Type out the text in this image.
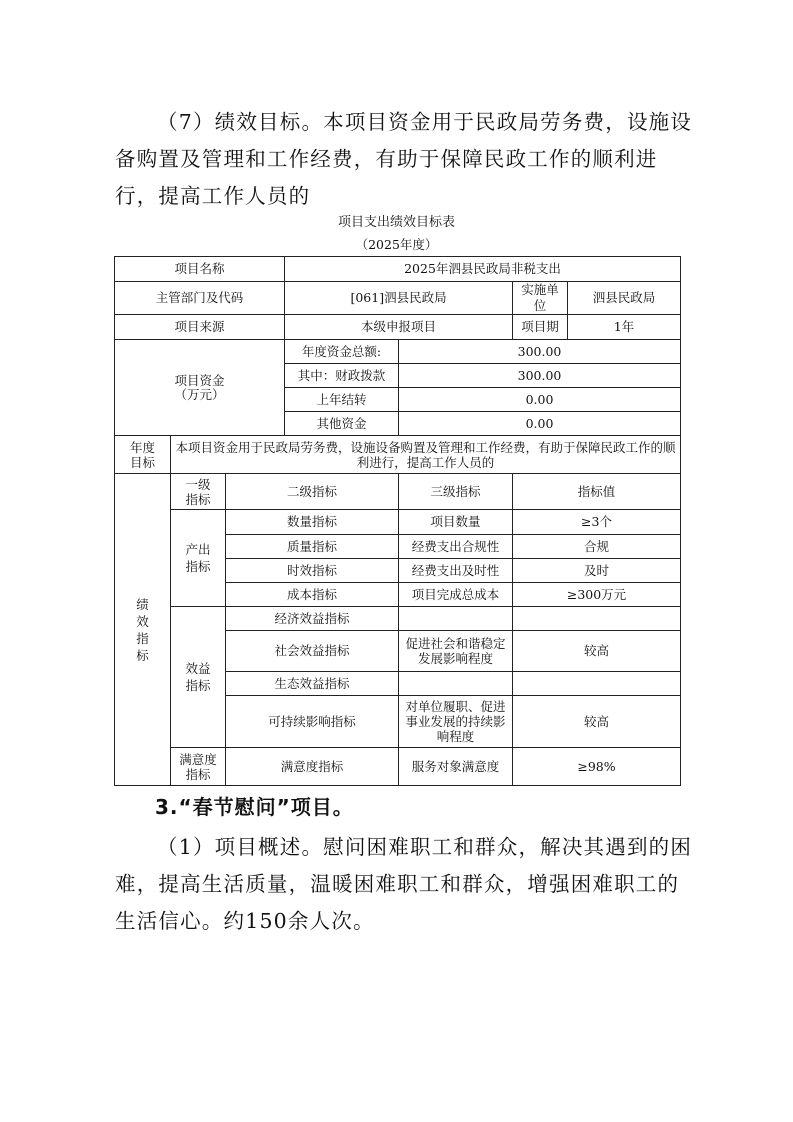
（7）绩效目标。本项目资金用于民政局劳务费，设施设
备购置及管理和工作经费，有助于保障民政工作的顺利进
行，提高工作人员的
项目支出绩效目标表
（2025年度）
项目名称			2025年泗县民政局非税支出			
主管部门及代码			[061]泗县民政局		实施单位	泗县民政局
项目来源			本级申报项目		项目期	1年

项目资金
（万元）			年度资金总额:	300.00		
			其中：财政拨款	300.00		
			上年结转	0.00		
			其他资金	0.00		
年度目标	本项目资金用于民政局劳务费，设施设备购置及管理和工作经费，有助于保障民政工作的顺利进行，提高工作人员的					
绩效指标	一级指标	二级指标		三级指标	指标值	
	产出指标	数量指标		项目数量	≥3个	
		质量指标		经费支出合规性	合规	
		时效指标		经费支出及时性	及时	
		成本指标		项目完成总成本	≥300万元	
	效益指标	经济效益指标				
		社会效益指标		促进社会和谐稳定发展影响程度	较高	
		生态效益指标				
		可持续影响指标		对单位履职、促进事业发展的持续影响程度	较高	
	满意度指标	满意度指标		服务对象满意度	≥98%	
3.“春节慰问”项目。
（1）项目概述。慰问困难职工和群众，解决其遇到的困
难，提高生活质量，温暖困难职工和群众，增强困难职工的
生活信心。约150余人次。
